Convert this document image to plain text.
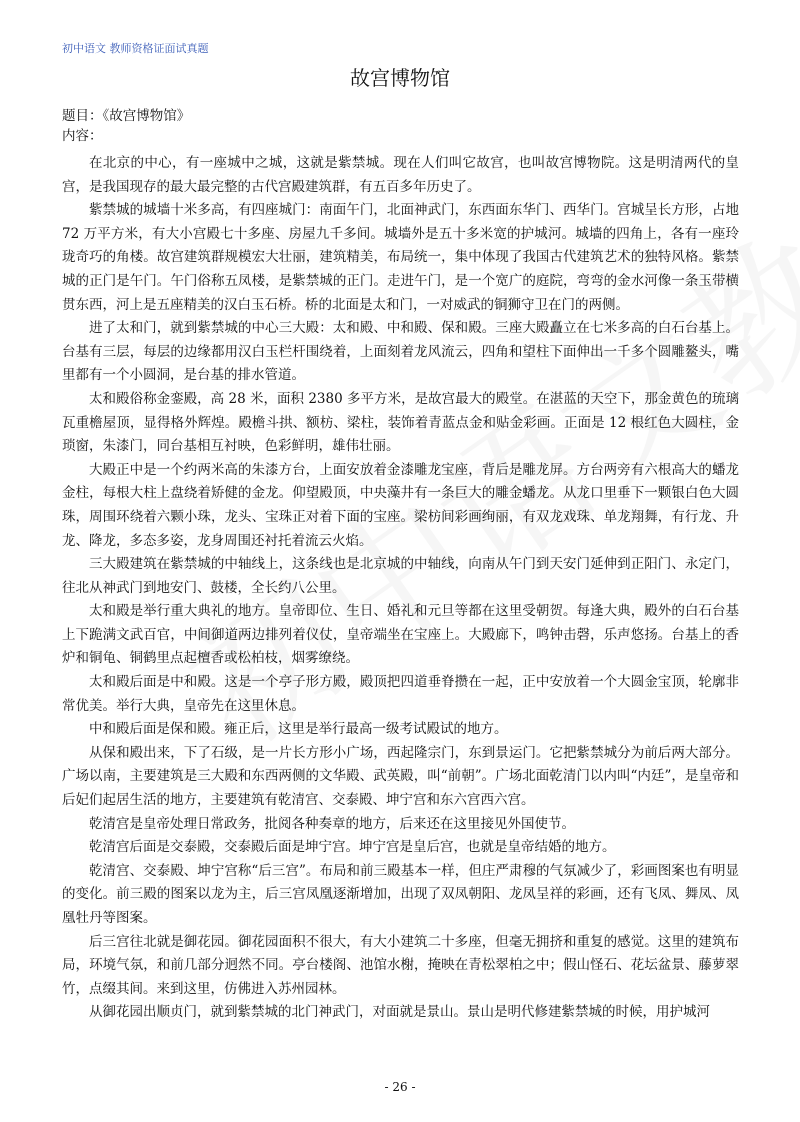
初中语文 教师资格证面试真题
故宫博物馆
题目：《故宫博物馆》
内容：

在北京的中心，有一座城中之城，这就是紫禁城。现在人们叫它故宫，也叫故宫博物院。这是明清两代的皇宫，是我国现存的最大最完整的古代宫殿建筑群，有五百多年历史了。

紫禁城的城墙十米多高，有四座城门：南面午门，北面神武门，东西面东华门、西华门。宫城呈长方形，占地 72 万平方米，有大小宫殿七十多座、房屋九千多间。城墙外是五十多米宽的护城河。城墙的四角上，各有一座玲珑奇巧的角楼。故宫建筑群规模宏大壮丽，建筑精美，布局统一，集中体现了我国古代建筑艺术的独特风格。紫禁城的正门是午门。午门俗称五凤楼，是紫禁城的正门。走进午门，是一个宽广的庭院，弯弯的金水河像一条玉带横贯东西，河上是五座精美的汉白玉石桥。桥的北面是太和门，一对威武的铜狮守卫在门的两侧。

进了太和门，就到紫禁城的中心三大殿：太和殿、中和殿、保和殿。三座大殿矗立在七米多高的白石台基上。台基有三层，每层的边缘都用汉白玉栏杆围绕着，上面刻着龙风流云，四角和望柱下面伸出一千多个圆雕鳌头，嘴里都有一个小圆洞，是台基的排水管道。

太和殿俗称金銮殿，高 28 米，面积 2380 多平方米，是故宫最大的殿堂。在湛蓝的天空下，那金黄色的琉璃瓦重檐屋顶，显得格外辉煌。殿檐斗拱、额枋、梁柱，装饰着青蓝点金和贴金彩画。正面是 12 根红色大圆柱，金琐窗，朱漆门，同台基相互衬映，色彩鲜明，雄伟壮丽。

大殿正中是一个约两米高的朱漆方台，上面安放着金漆雕龙宝座，背后是雕龙屏。方台两旁有六根高大的蟠龙金柱，每根大柱上盘绕着矫健的金龙。仰望殿顶，中央藻井有一条巨大的雕金蟠龙。从龙口里垂下一颗银白色大圆珠，周围环绕着六颗小珠，龙头、宝珠正对着下面的宝座。梁枋间彩画绚丽，有双龙戏珠、单龙翔舞，有行龙、升龙、降龙，多态多姿，龙身周围还衬托着流云火焰。

三大殿建筑在紫禁城的中轴线上，这条线也是北京城的中轴线，向南从午门到天安门延伸到正阳门、永定门，往北从神武门到地安门、鼓楼，全长约八公里。

太和殿是举行重大典礼的地方。皇帝即位、生日、婚礼和元旦等都在这里受朝贺。每逢大典，殿外的白石台基上下跪满文武百官，中间御道两边排列着仪仗，皇帝端坐在宝座上。大殿廊下，鸣钟击磬，乐声悠扬。台基上的香炉和铜龟、铜鹤里点起檀香或松柏枝，烟雾缭绕。

太和殿后面是中和殿。这是一个亭子形方殿，殿顶把四道垂脊攒在一起，正中安放着一个大圆金宝顶，轮廓非常优美。举行大典，皇帝先在这里休息。

中和殿后面是保和殿。雍正后，这里是举行最高一级考试殿试的地方。

从保和殿出来，下了石级，是一片长方形小广场，西起隆宗门，东到景运门。它把紫禁城分为前后两大部分。广场以南，主要建筑是三大殿和东西两侧的文华殿、武英殿，叫“前朝”。广场北面乾清门以内叫“内廷”，是皇帝和后妃们起居生活的地方，主要建筑有乾清宫、交泰殿、坤宁宫和东六宫西六宫。

乾清宫是皇帝处理日常政务，批阅各种奏章的地方，后来还在这里接见外国使节。

乾清宫后面是交泰殿，交泰殿后面是坤宁宫。坤宁宫是皇后宫，也就是皇帝结婚的地方。

乾清宫、交泰殿、坤宁宫称“后三宫”。布局和前三殿基本一样，但庄严肃穆的气氛减少了，彩画图案也有明显的变化。前三殿的图案以龙为主，后三宫凤凰逐渐增加，出现了双凤朝阳、龙凤呈祥的彩画，还有飞凤、舞凤、凤凰牡丹等图案。

后三宫往北就是御花园。御花园面积不很大，有大小建筑二十多座，但毫无拥挤和重复的感觉。这里的建筑布局，环境气氛，和前几部分迥然不同。亭台楼阁、池馆水榭，掩映在青松翠柏之中；假山怪石、花坛盆景、藤萝翠竹，点缀其间。来到这里，仿佛进入苏州园林。

从御花园出顺贞门，就到紫禁城的北门神武门，对面就是景山。景山是明代修建紫禁城的时候，用护城河

- 26 -
